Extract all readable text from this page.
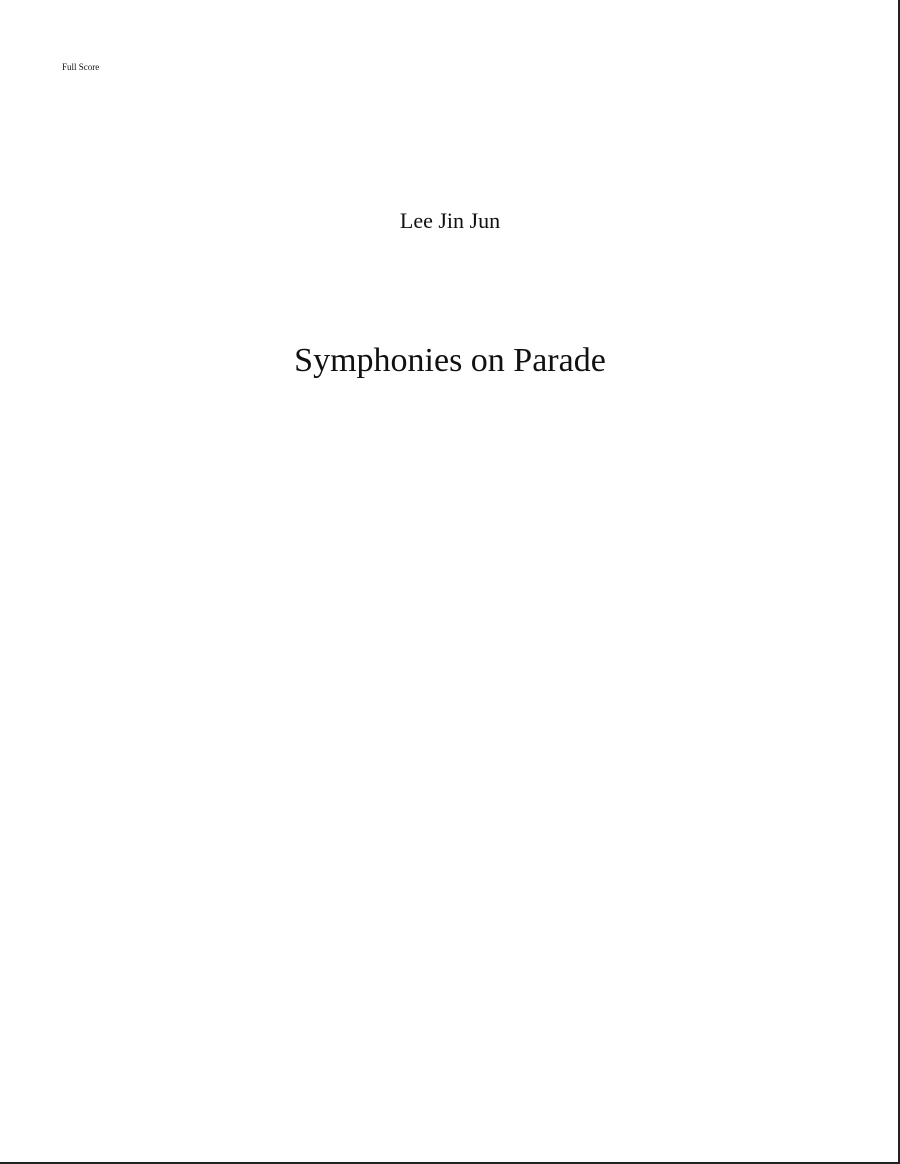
Full Score
Lee Jin Jun
Symphonies on Parade
